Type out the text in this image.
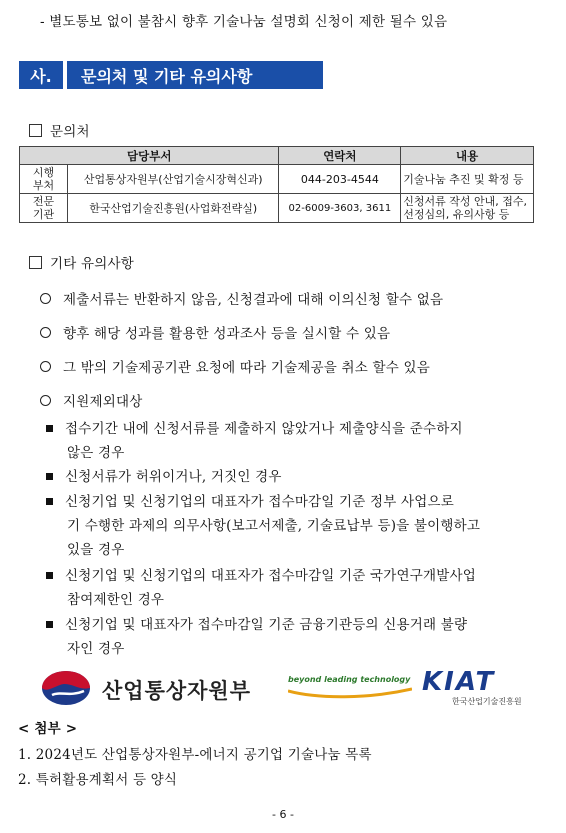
- 별도통보 없이 불참시 향후 기술나눔 설명회 신청이 제한 될수 있음
사.	문의처 및 기타 유의사항
문의처
담당부서		연락처	내용
시행
부처	산업통상자원부(산업기술시장혁신과)	044-203-4544	기술나눔 추진 및 확정 등
전문
기관	한국산업기술진흥원(사업화전략실)	02-6009-3603, 3611	신청서류 작성 안내, 접수,
선정심의, 유의사항 등
기타 유의사항
제출서류는 반환하지 않음, 신청결과에 대해 이의신청 할수 없음
향후 해당 성과를 활용한 성과조사 등을 실시할 수 있음
그 밖의 기술제공기관 요청에 따라 기술제공을 취소 할수 있음
지원제외대상
접수기간 내에 신청서류를 제출하지 않았거나 제출양식을 준수하지
않은 경우
신청서류가 허위이거나, 거짓인 경우
신청기업 및 신청기업의 대표자가 접수마감일 기준 정부 사업으로
기 수행한 과제의 의무사항(보고서제출, 기술료납부 등)을 불이행하고
있을 경우
신청기업 및 신청기업의 대표자가 접수마감일 기준 국가연구개발사업
참여제한인 경우
신청기업 및 대표자가 접수마감일 기준 금융기관등의 신용거래 불량
자인 경우
산업통상자원부	beyond leading technology KIAT
한국산업기술진흥원
< 첨부 >
1. 2024년도 산업통상자원부-에너지 공기업 기술나눔 목록
2. 특허활용계획서 등 양식
- 6 -
